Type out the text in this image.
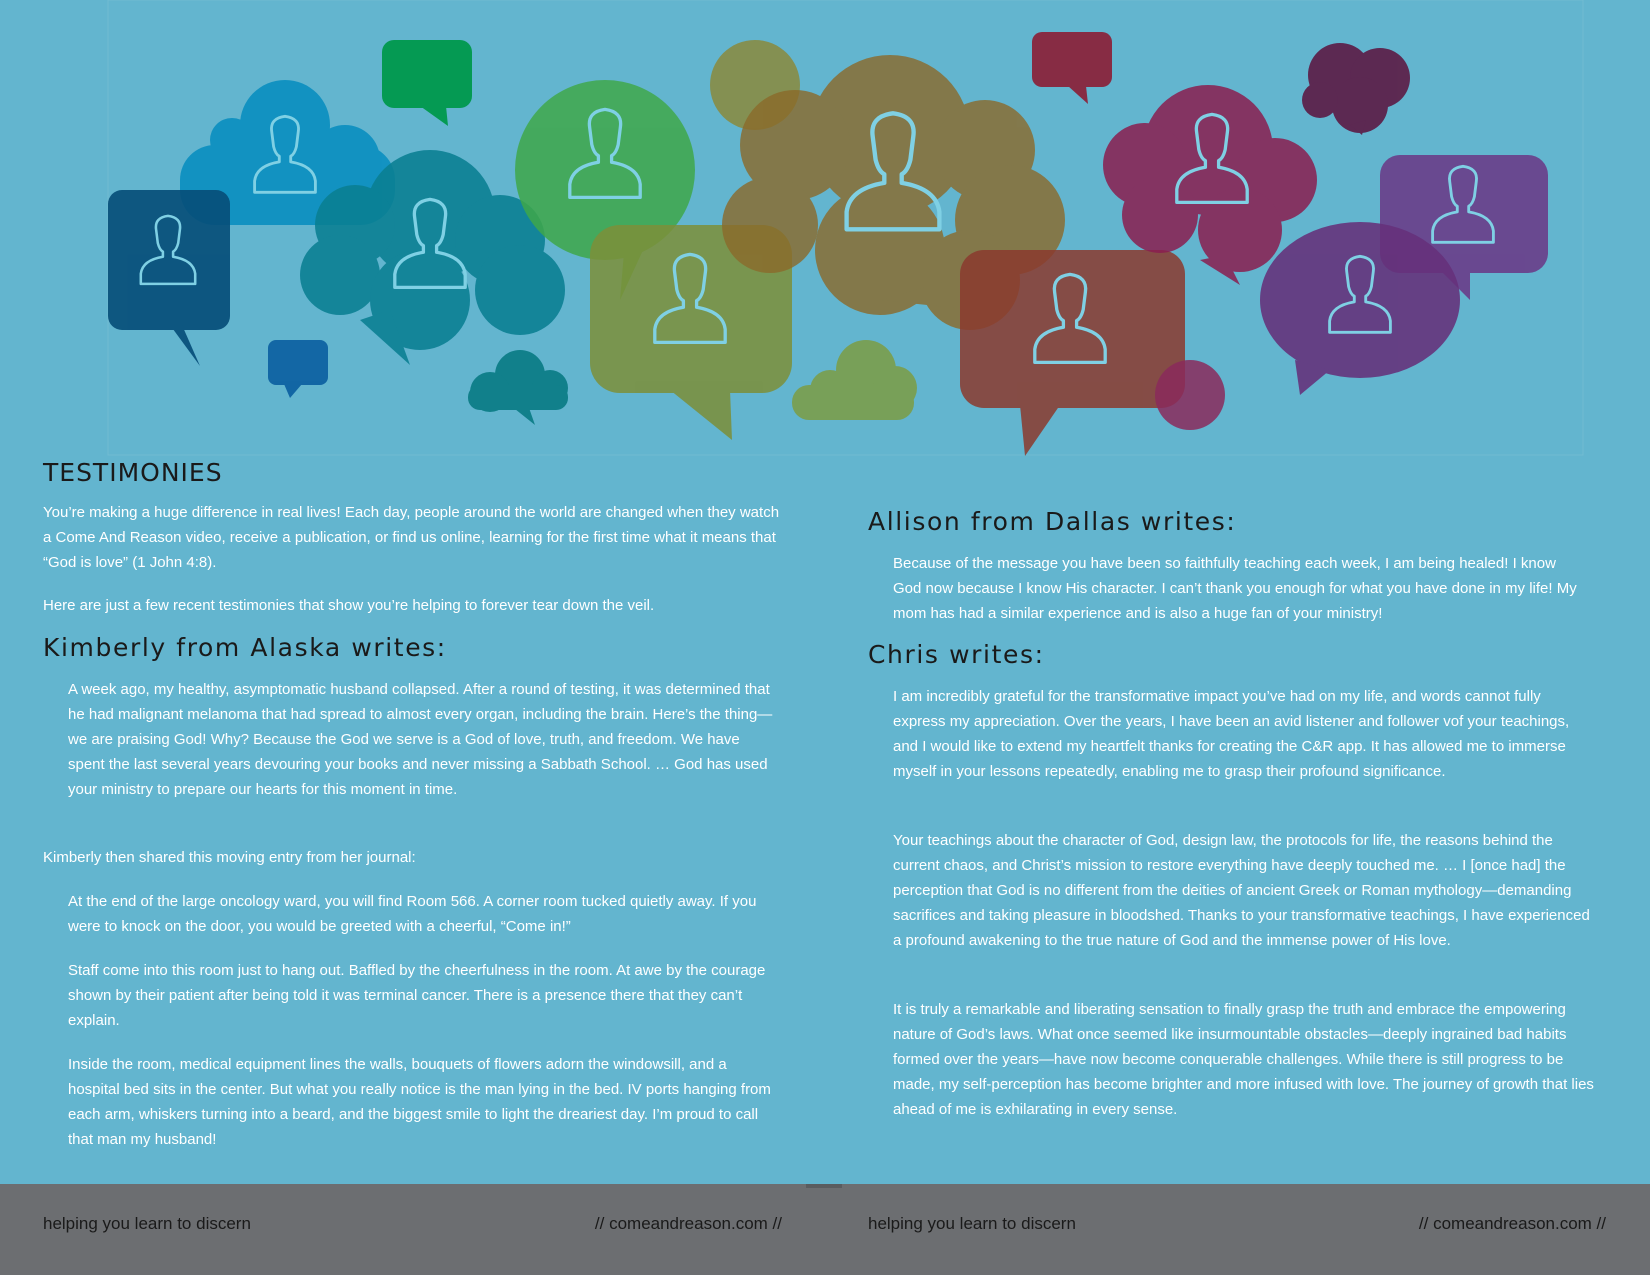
TESTIMONIES

You’re making a huge difference in real lives! Each day, people around the world are changed when they watch a Come And Reason video, receive a publication, or find us online, learning for the first time what it means that “God is love” (1 John 4:8).

Here are just a few recent testimonies that show you’re helping to forever tear down the veil.

Kimberly from Alaska writes:

A week ago, my healthy, asymptomatic husband collapsed. After a round of testing, it was determined that he had malignant melanoma that had spread to almost every organ, including the brain. Here’s the thing—we are praising God! Why? Because the God we serve is a God of love, truth, and freedom. We have spent the last several years devouring your books and never missing a Sabbath School. … God has used your ministry to prepare our hearts for this moment in time.

Kimberly then shared this moving entry from her journal:

At the end of the large oncology ward, you will find Room 566. A corner room tucked quietly away. If you were to knock on the door, you would be greeted with a cheerful, “Come in!”

Staff come into this room just to hang out. Baffled by the cheerfulness in the room. At awe by the courage shown by their patient after being told it was terminal cancer. There is a presence there that they can’t explain.

Inside the room, medical equipment lines the walls, bouquets of flowers adorn the windowsill, and a hospital bed sits in the center. But what you really notice is the man lying in the bed. IV ports hanging from each arm, whiskers turning into a beard, and the biggest smile to light the dreariest day. I’m proud to call that man my husband!

Allison from Dallas writes:

Because of the message you have been so faithfully teaching each week, I am being healed! I know God now because I know His character. I can’t thank you enough for what you have done in my life! My mom has had a similar experience and is also a huge fan of your ministry!

Chris writes:

I am incredibly grateful for the transformative impact you’ve had on my life, and words cannot fully express my appreciation. Over the years, I have been an avid listener and follower vof your teachings, and I would like to extend my heartfelt thanks for creating the C&R app. It has allowed me to immerse myself in your lessons repeatedly, enabling me to grasp their profound significance.

Your teachings about the character of God, design law, the protocols for life, the reasons behind the current chaos, and Christ’s mission to restore everything have deeply touched me. … I [once had] the perception that God is no different from the deities of ancient Greek or Roman mythology—demanding sacrifices and taking pleasure in bloodshed. Thanks to your transformative teachings, I have experienced a profound awakening to the true nature of God and the immense power of His love.

It is truly a remarkable and liberating sensation to finally grasp the truth and embrace the empowering nature of God’s laws. What once seemed like insurmountable obstacles—deeply ingrained bad habits formed over the years—have now become conquerable challenges. While there is still progress to be made, my self-perception has become brighter and more infused with love. The journey of growth that lies ahead of me is exhilarating in every sense.

helping you learn to discern	// comeandreason.com //	helping you learn to discern	// comeandreason.com //
